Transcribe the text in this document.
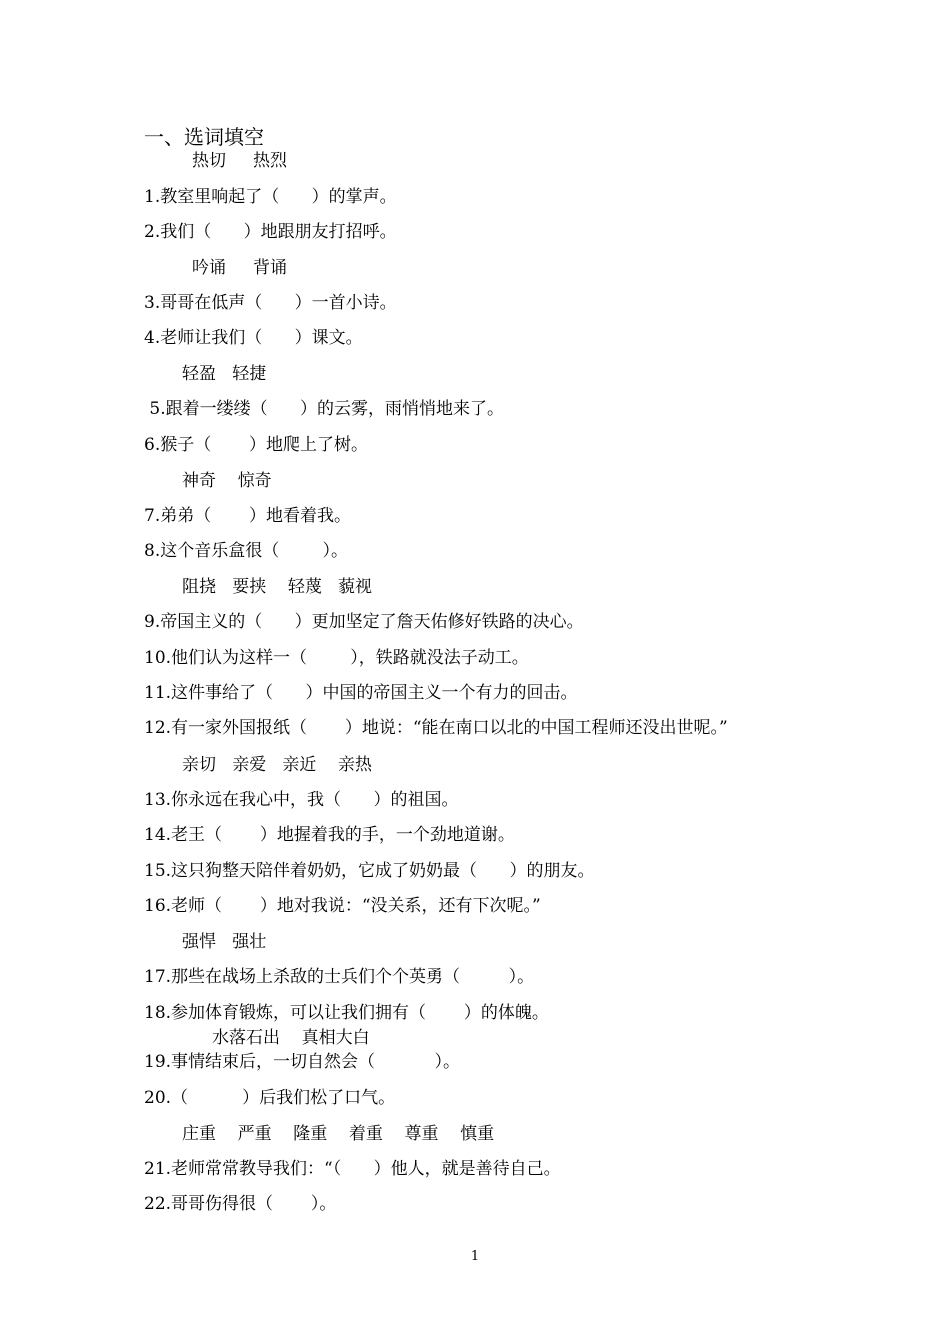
一、选词填空
热切     热烈
1.教室里响起了（      ）的掌声。
2.我们（      ）地跟朋友打招呼。
吟诵     背诵
3.哥哥在低声（      ）一首小诗。
4.老师让我们（      ）课文。
轻盈   轻捷
5.跟着一缕缕（      ）的云雾，雨悄悄地来了。
6.猴子（       ）地爬上了树。
神奇    惊奇
7.弟弟（       ）地看着我。
8.这个音乐盒很（        ）。
阻挠   要挟    轻蔑   藐视
9.帝国主义的（      ）更加坚定了詹天佑修好铁路的决心。
10.他们认为这样一（        ），铁路就没法子动工。
11.这件事给了（      ）中国的帝国主义一个有力的回击。
12.有一家外国报纸（       ）地说：“能在南口以北的中国工程师还没出世呢。”
亲切   亲爱   亲近    亲热
13.你永远在我心中，我（      ）的祖国。
14.老王（       ）地握着我的手，一个劲地道谢。
15.这只狗整天陪伴着奶奶，它成了奶奶最（      ）的朋友。
16.老师（       ）地对我说：“没关系，还有下次呢。”
强悍   强壮
17.那些在战场上杀敌的士兵们个个英勇（         ）。
18.参加体育锻炼，可以让我们拥有（       ）的体魄。
水落石出    真相大白
19.事情结束后，一切自然会（           ）。
20.（          ）后我们松了口气。
庄重    严重    隆重    着重    尊重    慎重
21.老师常常教导我们：“（      ）他人，就是善待自己。
22.哥哥伤得很（       ）。
1
